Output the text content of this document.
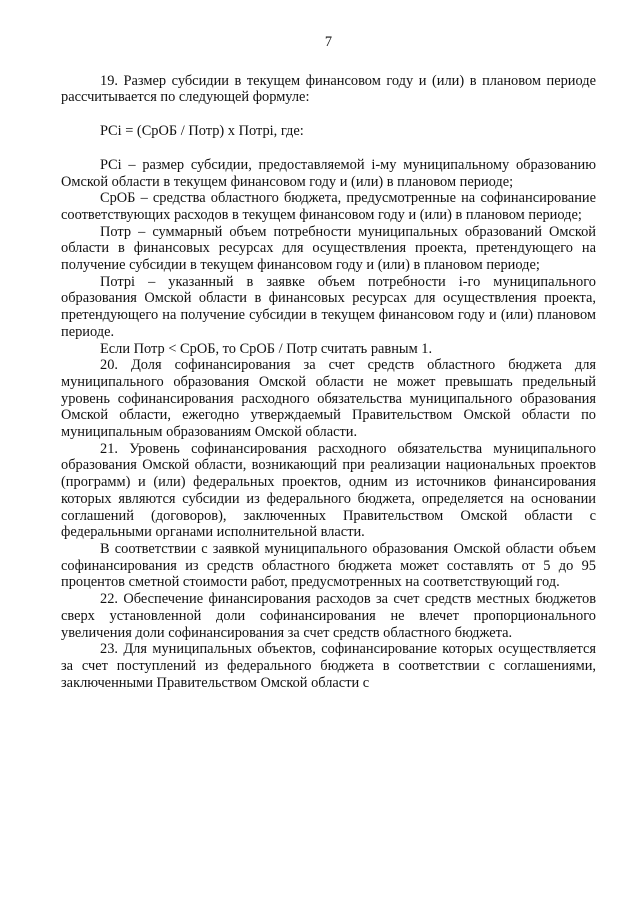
7

19. Размер субсидии в текущем финансовом году и (или) в плановом периоде рассчитывается по следующей формуле:

PCi = (СрОБ / Потр) х Потрi, где:

PCi – размер субсидии, предоставляемой i-му муниципальному образованию Омской области в текущем финансовом году и (или) в плановом периоде;

СрОБ – средства областного бюджета, предусмотренные на софинансирование соответствующих расходов в текущем финансовом году и (или) в плановом периоде;

Потр – суммарный объем потребности муниципальных образований Омской области в финансовых ресурсах для осуществления проекта, претендующего на получение субсидии в текущем финансовом году и (или) в плановом периоде;

Потрi – указанный в заявке объем потребности i-го муниципального образования Омской области в финансовых ресурсах для осуществления проекта, претендующего на получение субсидии в текущем финансовом году и (или) плановом периоде.

Если Потр < СрОБ, то СрОБ / Потр считать равным 1.

20. Доля софинансирования за счет средств областного бюджета для муниципального образования Омской области не может превышать предельный уровень софинансирования расходного обязательства муниципального образования Омской области, ежегодно утверждаемый Правительством Омской области по муниципальным образованиям Омской области.

21. Уровень софинансирования расходного обязательства муниципального образования Омской области, возникающий при реализации национальных проектов (программ) и (или) федеральных проектов, одним из источников финансирования которых являются субсидии из федерального бюджета, определяется на основании соглашений (договоров), заключенных Правительством Омской области с федеральными органами исполнительной власти.

В соответствии с заявкой муниципального образования Омской области объем софинансирования из средств областного бюджета может составлять от 5 до 95 процентов сметной стоимости работ, предусмотренных на соответствующий год.

22. Обеспечение финансирования расходов за счет средств местных бюджетов сверх установленной доли софинансирования не влечет пропорционального увеличения доли софинансирования за счет средств областного бюджета.

23. Для муниципальных объектов, софинансирование которых осуществляется за счет поступлений из федерального бюджета в соответствии с соглашениями, заключенными Правительством Омской области с
